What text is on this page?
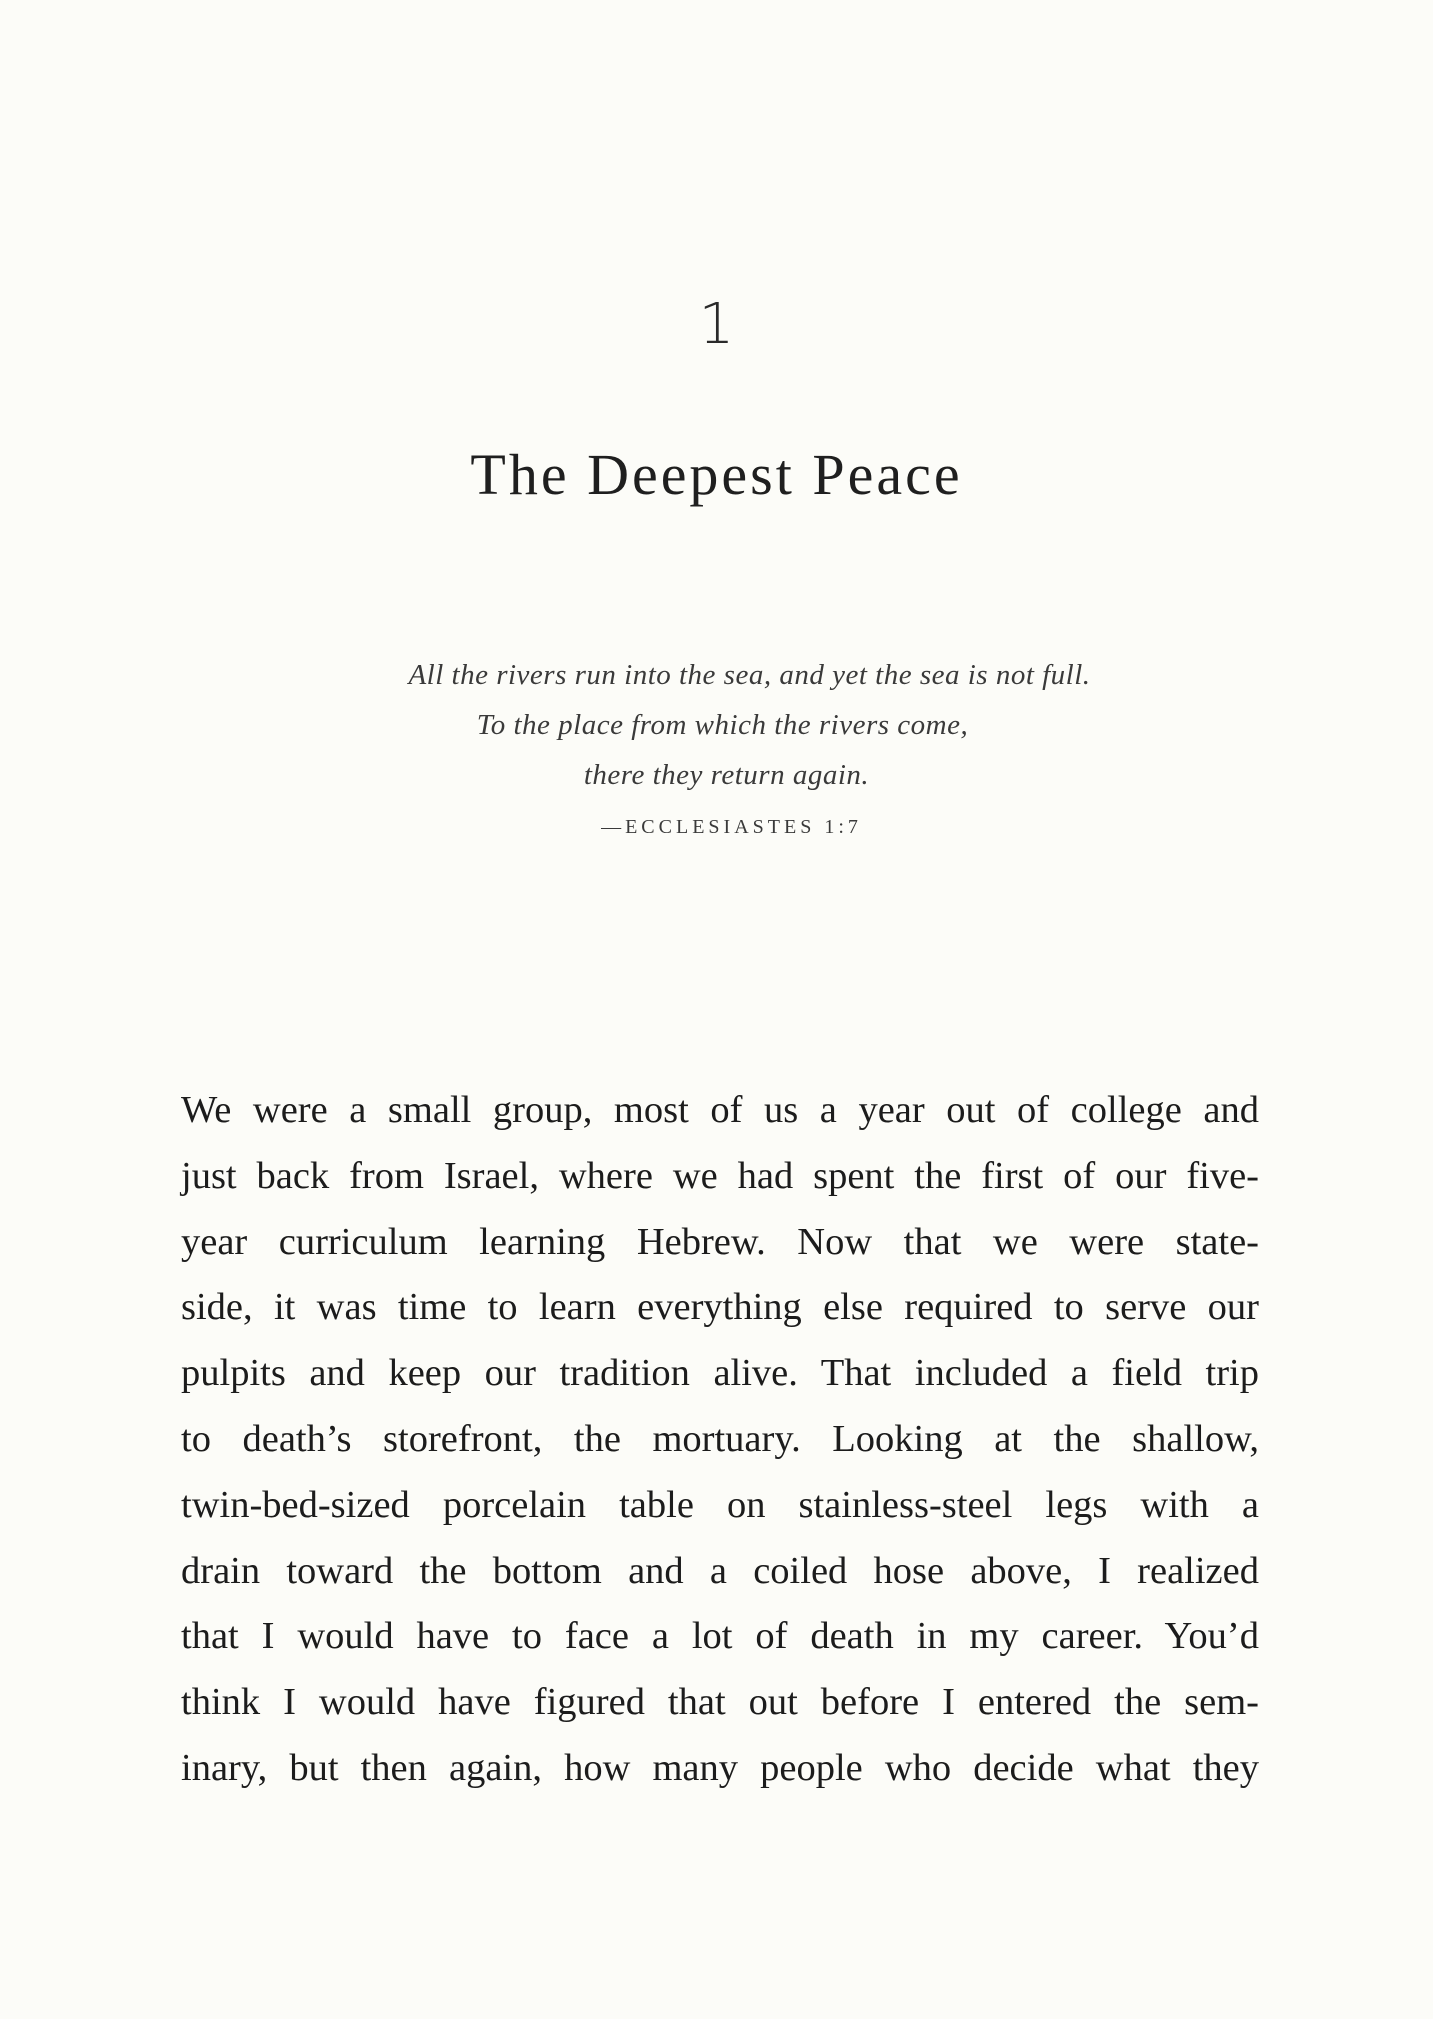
1
The Deepest Peace
All the rivers run into the sea, and yet the sea is not full.
To the place from which the rivers come,
there they return again.
—ECCLESIASTES 1:7
We were a small group, most of us a year out of college and
just back from Israel, where we had spent the first of our five-
year curriculum learning Hebrew. Now that we were state-
side, it was time to learn everything else required to serve our
pulpits and keep our tradition alive. That included a field trip
to death’s storefront, the mortuary. Looking at the shallow,
twin-bed-sized porcelain table on stainless-steel legs with a
drain toward the bottom and a coiled hose above, I realized
that I would have to face a lot of death in my career. You’d
think I would have figured that out before I entered the sem-
inary, but then again, how many people who decide what they
